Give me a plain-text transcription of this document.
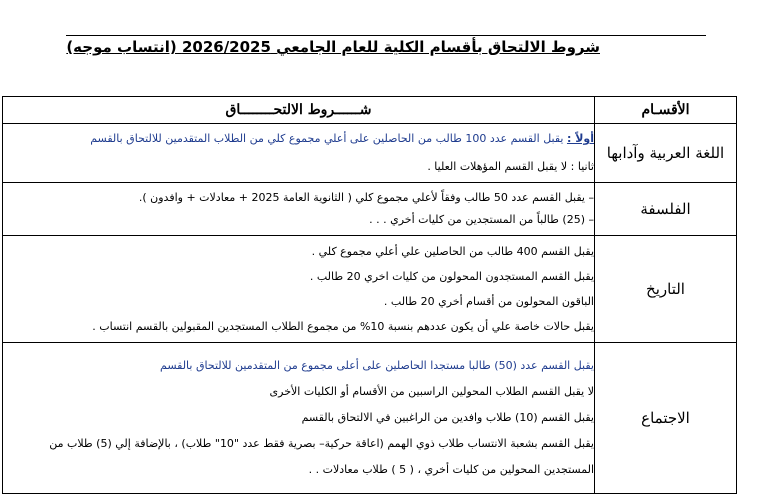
شروط الالتحاق بأقسام الكلية للعام الجامعي 2026/2025 (انتساب موجه)
الأقسـام	شــــــروط الالتحــــــــاق
اللغة العربية وآدابها	أولاً : يقبل القسم عدد 100 طالب من الحاصلين على أعلي مجموع كلي من الطلاب المتقدمين للالتحاق بالقسم

ثانيا : لا يقبل القسم المؤهلات العليا .

الفلسفة	– يقبل القسم عدد 50 طالب وفقاً لأعلي مجموع كلي ( الثانوية العامة 2025 + معادلات + وافدون ).

– (25) طالباً من المستجدين من كليات أخري . . .

التاريخ	يقبل القسم 400 طالب من الحاصلين علي أعلي مجموع كلي .

يقبل القسم المستجدون المحولون من كليات اخري 20 طالب .

الباقون المحولون من أقسام أخري 20 طالب .

يقبل حالات خاصة علي أن يكون عددهم بنسبة 10% من مجموع الطلاب المستجدين المقبولين بالقسم انتساب .

الاجتماع	يقبل القسم عدد (50) طالبا مستجدا الحاصلين على أعلى مجموع من المتقدمين للالتحاق بالقسم

لا يقبل القسم الطلاب المحولين الراسبين من الأقسام أو الكليات الأخرى

يقبل القسم (10) طلاب وافدين من الراغبين في الالتحاق بالقسم

يقبل القسم بشعبة الانتساب طلاب ذوي الهمم (اعاقة حركية– بصرية فقط عدد "10" طلاب) ، بالإضافة إلي (5) طلاب من

المستجدين المحولين من كليات أخري ، ( 5 ) طلاب معادلات . .
